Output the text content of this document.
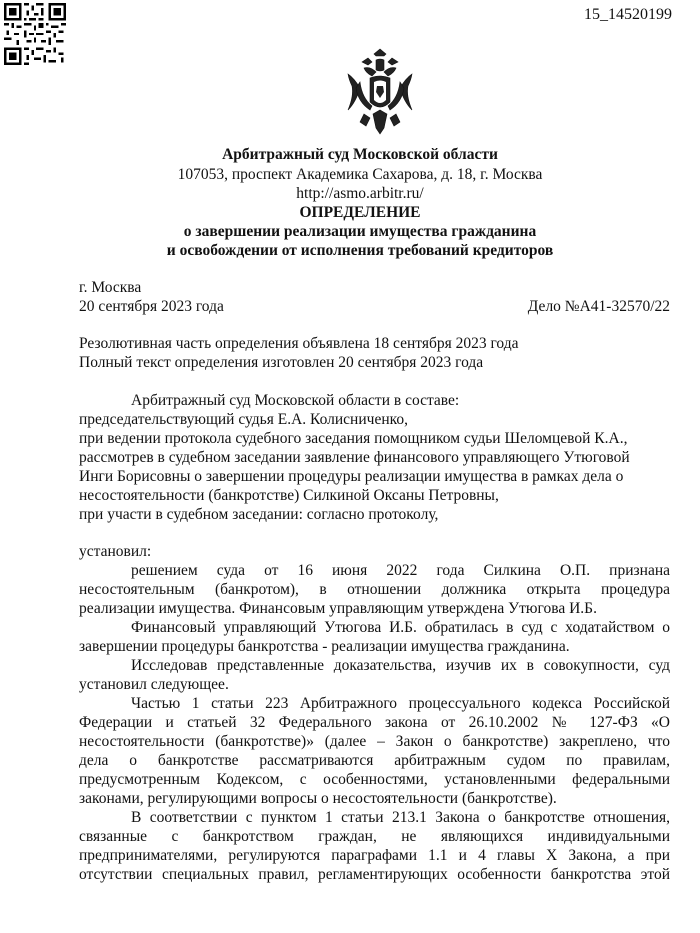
15_14520199
Арбитражный суд Московской области
107053, проспект Академика Сахарова, д. 18, г. Москва
http://asmo.arbitr.ru/
ОПРЕДЕЛЕНИЕ
о завершении реализации имущества гражданина
и освобождении от исполнения требований кредиторов
г. Москва
20 сентября 2023 года	Дело №А41-32570/22
Резолютивная часть определения объявлена 18 сентября 2023 года
Полный текст определения изготовлен 20 сентября 2023 года
Арбитражный суд Московской области в составе:
председательствующий судья Е.А. Колисниченко,
при ведении протокола судебного заседания помощником судьи Шеломцевой К.А.,
рассмотрев в судебном заседании заявление финансового управляющего Утюговой
Инги Борисовны о завершении процедуры реализации имущества в рамках дела о
несостоятельности (банкротстве) Силкиной Оксаны Петровны,
при участи в судебном заседании: согласно протоколу,
установил:
решением суда от 16 июня 2022 года Силкина О.П. признана
несостоятельным (банкротом), в отношении должника открыта процедура
реализации имущества. Финансовым управляющим утверждена Утюгова И.Б.
Финансовый управляющий Утюгова И.Б. обратилась в суд с ходатайством о
завершении процедуры банкротства - реализации имущества гражданина.
Исследовав представленные доказательства, изучив их в совокупности, суд
установил следующее.
Частью 1 статьи 223 Арбитражного процессуального кодекса Российской
Федерации и статьей 32 Федерального закона от 26.10.2002 № 127-ФЗ «О
несостоятельности (банкротстве)» (далее – Закон о банкротстве) закреплено, что
дела о банкротстве рассматриваются арбитражным судом по правилам,
предусмотренным Кодексом, с особенностями, установленными федеральными
законами, регулирующими вопросы о несостоятельности (банкротстве).
В соответствии с пунктом 1 статьи 213.1 Закона о банкротстве отношения,
связанные с банкротством граждан, не являющихся индивидуальными
предпринимателями, регулируются параграфами 1.1 и 4 главы X Закона, а при
отсутствии специальных правил, регламентирующих особенности банкротства этой
